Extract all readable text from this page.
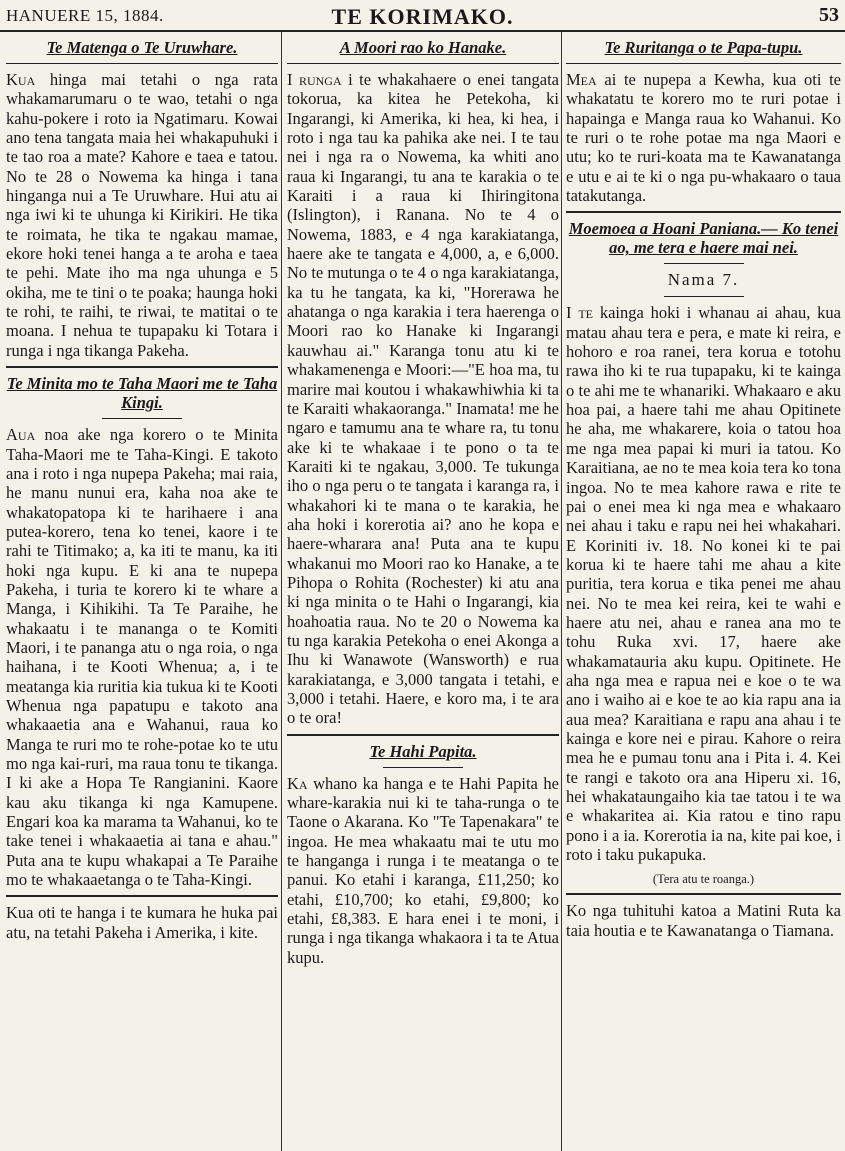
HANUERE 15, 1884.	TE KORIMAKO.	53
Te Matenga o Te Uruwhare.

Kua hinga mai tetahi o nga rata whakamarumaru o te wao, tetahi o nga kahu-pokere i roto ia Ngatimaru. Kowai ano tena tangata maia hei whakapuhuki i te tao roa a mate? Kahore e taea e tatou. No te 28 o Nowema ka hinga i tana hinganga nui a Te Uruwhare. Hui atu ai nga iwi ki te uhunga ki Kirikiri. He tika te roimata, he tika te ngakau mamae, ekore hoki tenei hanga a te aroha e taea te pehi. Mate iho ma nga uhunga e 5 okiha, me te tini o te poaka; haunga hoki te rohi, te raihi, te riwai, te matitai o te moana. I nehua te tupapaku ki Totara i runga i nga tikanga Pakeha.

Te Minita mo te Taha Maori me te Taha Kingi.

Aua noa ake nga korero o te Minita Taha-Maori me te Taha-Kingi. E takoto ana i roto i nga nupepa Pakeha; mai raia, he manu nunui era, kaha noa ake te whakatopatopa ki te harihaere i ana putea-korero, tena ko tenei, kaore i te rahi te Titimako; a, ka iti te manu, ka iti hoki nga kupu. E ki ana te nupepa Pakeha, i turia te korero ki te whare a Manga, i Kihikihi. Ta Te Paraihe, he whakaatu i te mananga o te Komiti Maori, i te pananga atu o nga roia, o nga haihana, i te Kooti Whenua; a, i te meatanga kia ruritia kia tukua ki te Kooti Whenua nga papatupu e takoto ana whakaaetia ana e Wahanui, raua ko Manga te ruri mo te rohe-potae ko te utu mo nga kai-ruri, ma raua tonu te tikanga. I ki ake a Hopa Te Rangianini. Kaore kau aku tikanga ki nga Kamupene. Engari koa ka marama ta Wahanui, ko te take tenei i whakaaetia ai tana e ahau." Puta ana te kupu whakapai a Te Paraihe mo te whakaaetanga o te Taha-Kingi.

Kua oti te hanga i te kumara he huka pai atu, na tetahi Pakeha i Amerika, i kite.

A Moori rao ko Hanake.

I runga i te whakahaere o enei tangata tokorua, ka kitea he Petekoha, ki Ingarangi, ki Amerika, ki hea, ki hea, i roto i nga tau ka pahika ake nei. I te tau nei i nga ra o Nowema, ka whiti ano raua ki Ingarangi, tu ana te karakia o te Karaiti i a raua ki Ihiringitona (Islington), i Ranana. No te 4 o Nowema, 1883, e 4 nga karakiatanga, haere ake te tangata e 4,000, a, e 6,000. No te mutunga o te 4 o nga karakiatanga, ka tu he tangata, ka ki, "Horerawa he ahatanga o nga karakia i tera haerenga o Moori rao ko Hanake ki Ingarangi kauwhau ai." Karanga tonu atu ki te whakamenenga e Moori:—"E hoa ma, tu marire mai koutou i whakawhiwhia ki ta te Karaiti whakaoranga." Inamata! me he ngaro e tamumu ana te whare ra, tu tonu ake ki te whakaae i te pono o ta te Karaiti ki te ngakau, 3,000. Te tukunga iho o nga peru o te tangata i karanga ra, i whakahori ki te mana o te karakia, he aha hoki i korerotia ai? ano he kopa e haere-wharara ana! Puta ana te kupu whakanui mo Moori rao ko Hanake, a te Pihopa o Rohita (Rochester) ki atu ana ki nga minita o te Hahi o Ingarangi, kia hoahoatia raua. No te 20 o Nowema ka tu nga karakia Petekoha o enei Akonga a Ihu ki Wanawote (Wansworth) e rua karakiatanga, e 3,000 tangata i tetahi, e 3,000 i tetahi. Haere, e koro ma, i te ara o te ora!

Te Hahi Papita.

Ka whano ka hanga e te Hahi Papita he whare-karakia nui ki te taha-runga o te Taone o Akarana. Ko "Te Tapenakara" te ingoa. He mea whakaatu mai te utu mo te hanganga i runga i te meatanga o te panui. Ko etahi i karanga, £11,250; ko etahi, £10,700; ko etahi, £9,800; ko etahi, £8,383. E hara enei i te moni, i runga i nga tikanga whakaora i ta te Atua kupu.

Te Ruritanga o te Papa-tupu.

Mea ai te nupepa a Kewha, kua oti te whakatatu te korero mo te ruri potae i hapainga e Manga raua ko Wahanui. Ko te ruri o te rohe potae ma nga Maori e utu; ko te ruri-koata ma te Kawanatanga e utu e ai te ki o nga pu-whakaaro o taua tatakutanga.

Moemoea a Hoani Paniana.— Ko tenei ao, me tera e haere mai nei.
Nama 7.

I te kainga hoki i whanau ai ahau, kua matau ahau tera e pera, e mate ki reira, e hohoro e roa ranei, tera korua e totohu rawa iho ki te rua tupapaku, ki te kainga o te ahi me te whanariki. Whakaaro e aku hoa pai, a haere tahi me ahau Opitinete he aha, me whakarere, koia o tatou hoa me nga mea papai ki muri ia tatou. Ko Karaitiana, ae no te mea koia tera ko tona ingoa. No te mea kahore rawa e rite te pai o enei mea ki nga mea e whakaaro nei ahau i taku e rapu nei hei whakahari. E Koriniti iv. 18. No konei ki te pai korua ki te haere tahi me ahau a kite puritia, tera korua e tika penei me ahau nei. No te mea kei reira, kei te wahi e haere atu nei, ahau e ranea ana mo te tohu Ruka xvi. 17, haere ake whakamatauria aku kupu. Opitinete. He aha nga mea e rapua nei e koe o te wa ano i waiho ai e koe te ao kia rapu ana ia aua mea? Karaitiana e rapu ana ahau i te kainga e kore nei e pirau. Kahore o reira mea he e pumau tonu ana i Pita i. 4. Kei te rangi e takoto ora ana Hiperu xi. 16, hei whakataungaiho kia tae tatou i te wa e whakaritea ai. Kia ratou e tino rapu pono i a ia. Korerotia ia na, kite pai koe, i roto i taku pukapuka.

(Tera atu te roanga.)

Ko nga tuhituhi katoa a Matini Ruta ka taia houtia e te Kawanatanga o Tiamana.
